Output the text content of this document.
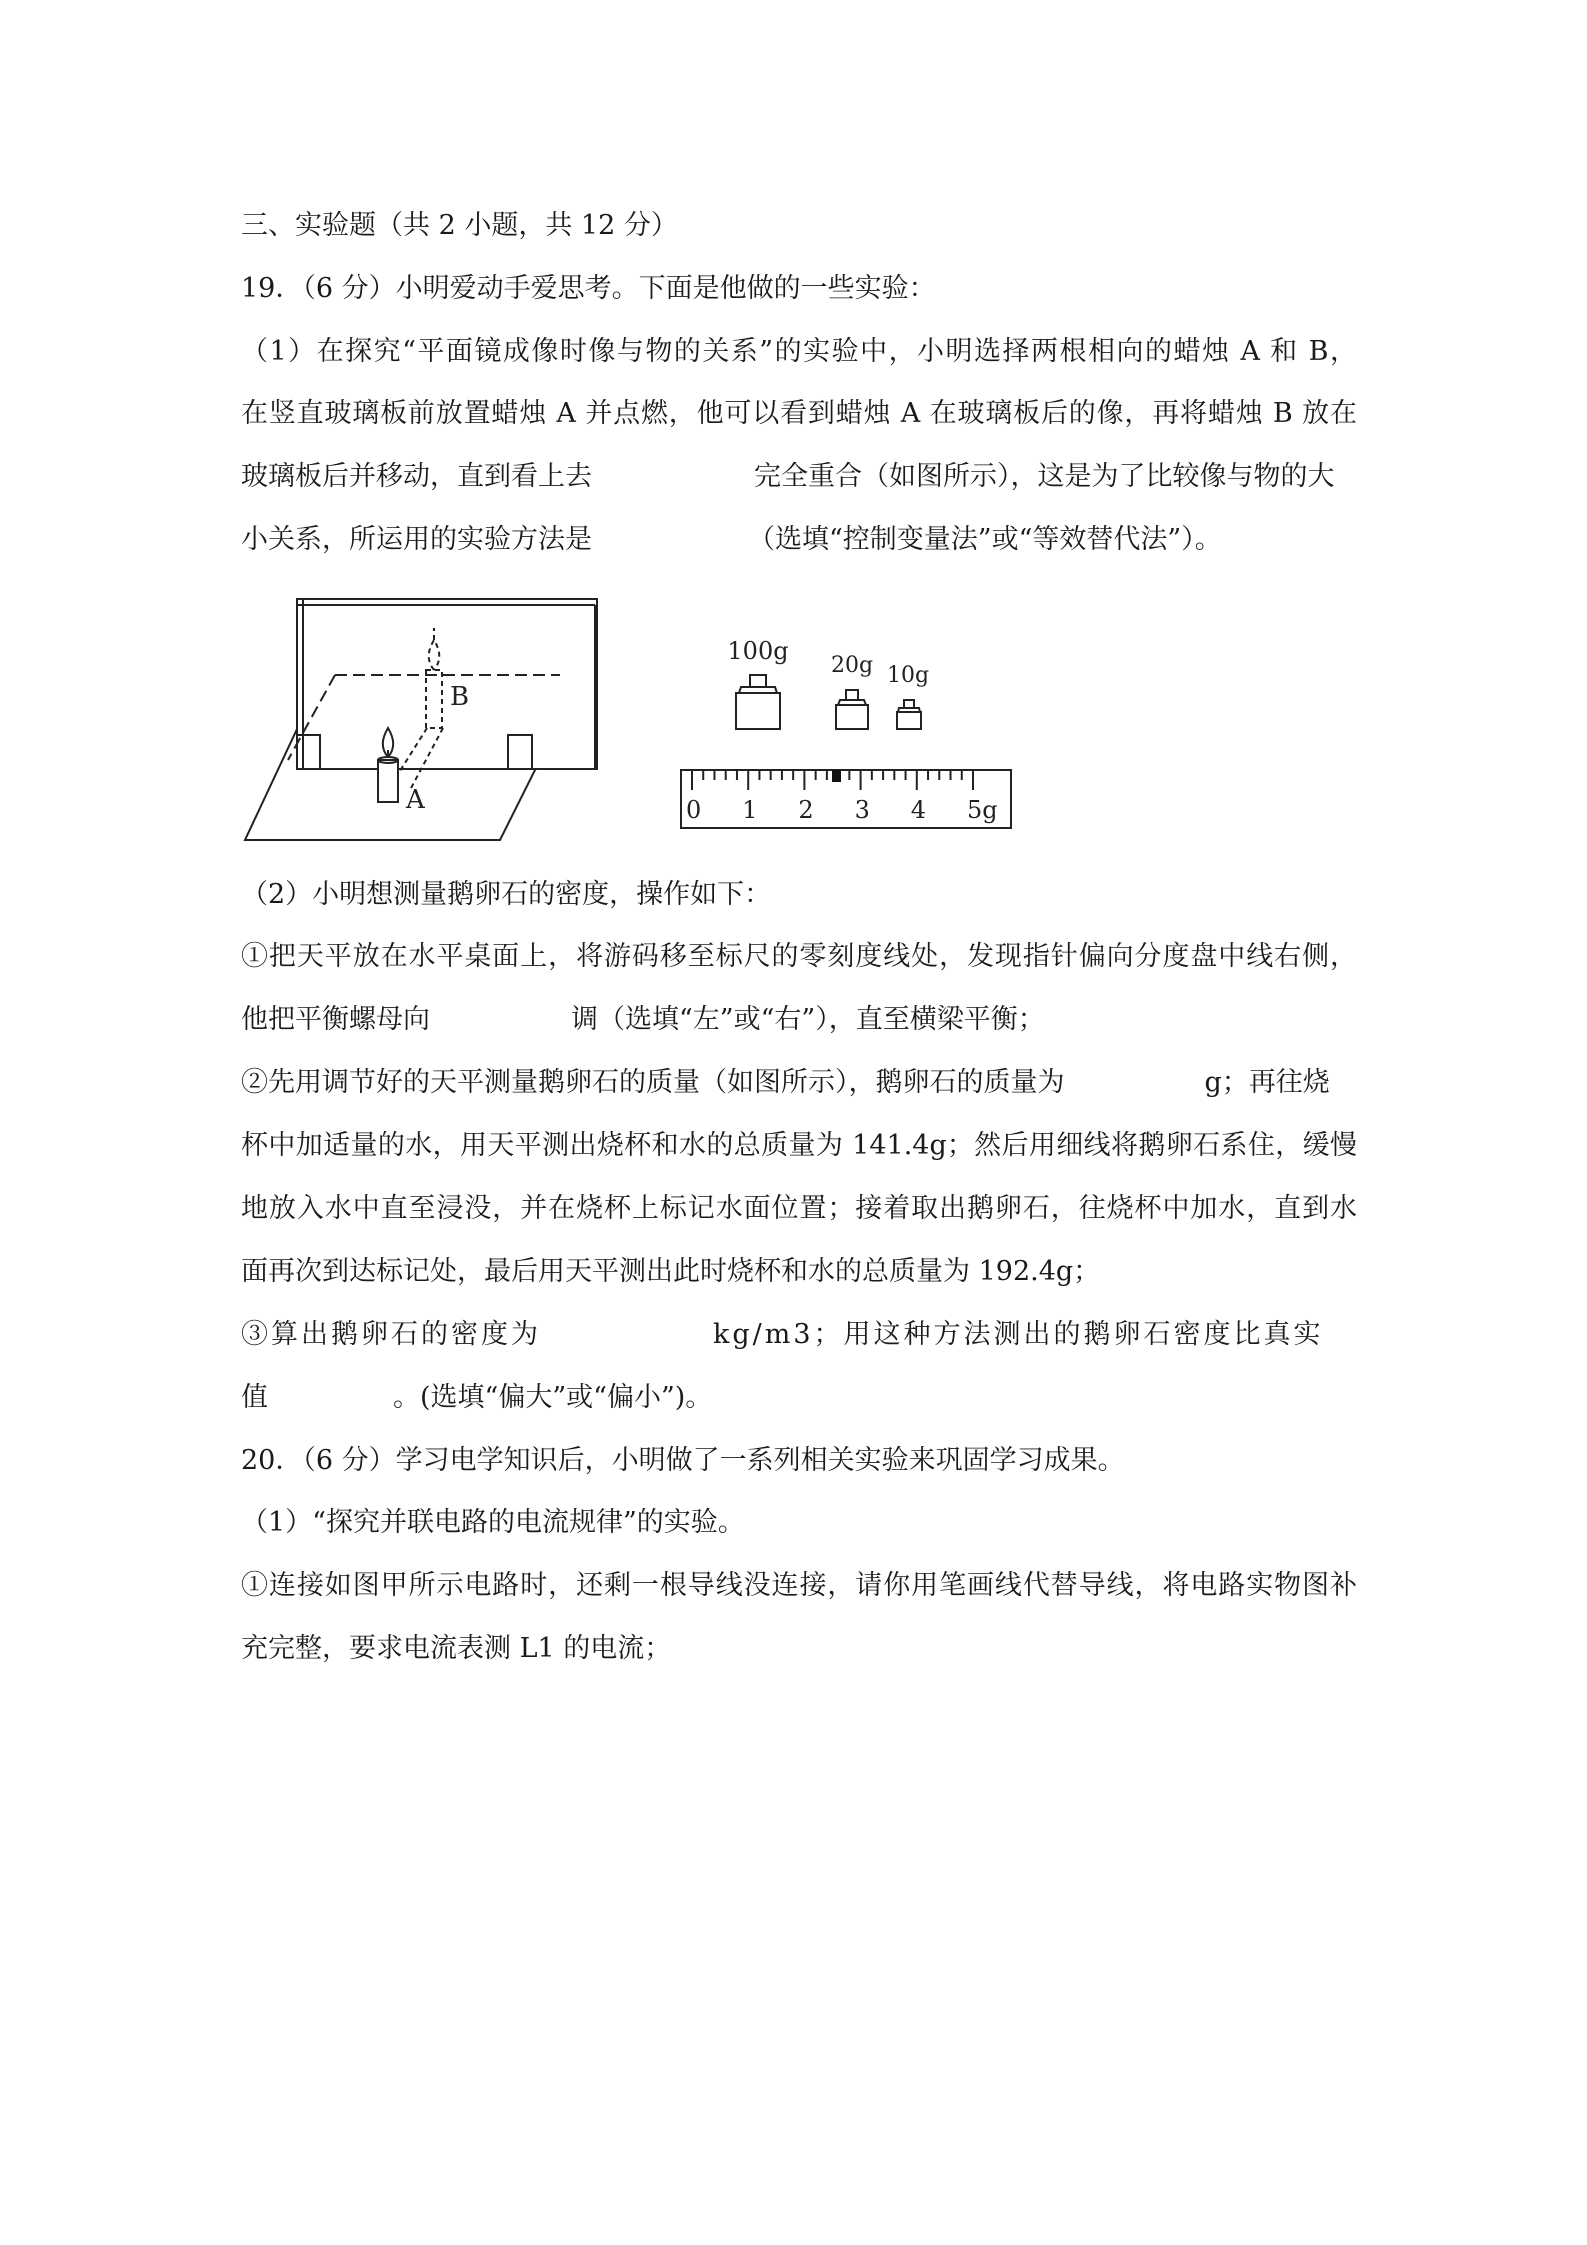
三、实验题（共 2 小题，共 12 分）
19．（6 分）小明爱动手爱思考。下面是他做的一些实验：
（1）在探究“平面镜成像时像与物的关系”的实验中，小明选择两根相向的蜡烛 A 和 B，
在竖直玻璃板前放置蜡烛 A 并点燃，他可以看到蜡烛 A 在玻璃板后的像，再将蜡烛 B 放在
玻璃板后并移动，直到看上去	完全重合（如图所示），这是为了比较像与物的大
小关系，所运用的实验方法是	（选填“控制变量法”或“等效替代法”）。
B
A
100g
20g 10g
0 1 2 3 4 5g
（2）小明想测量鹅卵石的密度，操作如下：
①把天平放在水平桌面上，将游码移至标尺的零刻度线处，发现指针偏向分度盘中线右侧，
他把平衡螺母向	调（选填“左”或“右”），直至横梁平衡；
②先用调节好的天平测量鹅卵石的质量（如图所示），鹅卵石的质量为	g；再往烧
杯中加适量的水，用天平测出烧杯和水的总质量为 141.4g；然后用细线将鹅卵石系住，缓慢
地放入水中直至浸没，并在烧杯上标记水面位置；接着取出鹅卵石，往烧杯中加水，直到水
面再次到达标记处，最后用天平测出此时烧杯和水的总质量为 192.4g；
③算出鹅卵石的密度为	kg/m3；用这种方法测出的鹅卵石密度比真实
值	。(选填“偏大”或“偏小”)。
20．（6 分）学习电学知识后，小明做了一系列相关实验来巩固学习成果。
（1）“探究并联电路的电流规律”的实验。
①连接如图甲所示电路时，还剩一根导线没连接，请你用笔画线代替导线，将电路实物图补
充完整，要求电流表测 L1 的电流；
